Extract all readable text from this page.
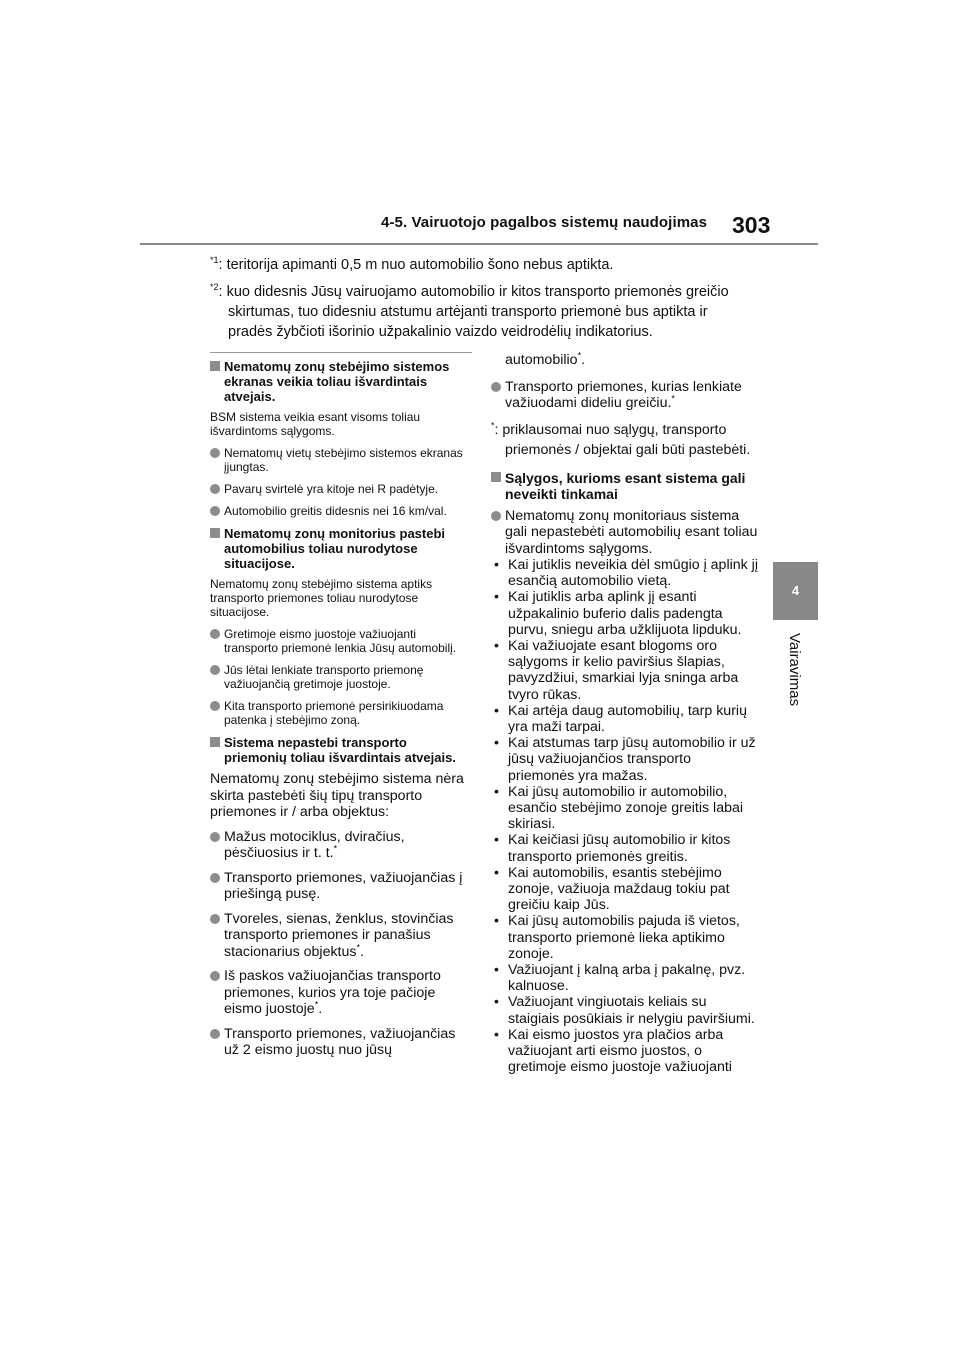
4-5. Vairuotojo pagalbos sistemų naudojimas 303
4
Vairavimas
$^{*1}$: teritorija apimanti 0,5 m nuo automobilio šono nebus aptikta.
$^{*2}$: kuo didesnis Jūsų vairuojamo automobilio ir kitos transporto priemonės greičio skirtumas, tuo didesniu atstumu artėjanti transporto priemonė bus aptikta ir pradės žybčioti išorinio užpakalinio vaizdo veidrodėlių indikatorius.
Nematomų zonų stebėjimo sistemos ekranas veikia toliau išvardintais atvejais.

BSM sistema veikia esant visoms toliau išvardintoms sąlygoms.

Nematomų vietų stebėjimo sistemos ekranas įjungtas.
Pavarų svirtelė yra kitoje nei R padėtyje.
Automobilio greitis didesnis nei 16 km/val.
Nematomų zonų monitorius pastebi automobilius toliau nurodytose situacijose.

Nematomų zonų stebėjimo sistema aptiks transporto priemones toliau nurodytose situacijose.

Gretimoje eismo juostoje važiuojanti transporto priemonė lenkia Jūsų automobilį.
Jūs lėtai lenkiate transporto priemonę važiuojančią gretimoje juostoje.
Kita transporto priemonė persirikiuodama patenka į stebėjimo zoną.
Sistema nepastebi transporto priemonių toliau išvardintais atvejais.

Nematomų zonų stebėjimo sistema nėra skirta pastebėti šių tipų transporto priemones ir / arba objektus:

Mažus motociklus, dviračius, pėsčiuosius ir t. t.*
Transporto priemones, važiuojančias į priešingą pusę.
Tvoreles, sienas, ženklus, stovinčias transporto priemones ir panašius stacionarius objektus*.
Iš paskos važiuojančias transporto priemones, kurios yra toje pačioje eismo juostoje*.
Transporto priemones, važiuojančias už 2 eismo juostų nuo jūsų
automobilio*.
Transporto priemones, kurias lenkiate važiuodami dideliu greičiu.*
*: priklausomai nuo sąlygų, transporto priemonės / objektai gali būti pastebėti.
Sąlygos, kurioms esant sistema gali neveikti tinkamai
Nematomų zonų monitoriaus sistema gali nepastebėti automobilių esant toliau išvardintoms sąlygoms.
• Kai jutiklis neveikia dėl smūgio į aplink jį esančią automobilio vietą.
• Kai jutiklis arba aplink jį esanti užpakalinio buferio dalis padengta purvu, sniegu arba užklijuota lipduku.
• Kai važiuojate esant blogoms oro sąlygoms ir kelio paviršius šlapias, pavyzdžiui, smarkiai lyja sninga arba tvyro rūkas.
• Kai artėja daug automobilių, tarp kurių yra maži tarpai.
• Kai atstumas tarp jūsų automobilio ir už jūsų važiuojančios transporto priemonės yra mažas.
• Kai jūsų automobilio ir automobilio, esančio stebėjimo zonoje greitis labai skiriasi.
• Kai keičiasi jūsų automobilio ir kitos transporto priemonės greitis.
• Kai automobilis, esantis stebėjimo zonoje, važiuoja maždaug tokiu pat greičiu kaip Jūs.
• Kai jūsų automobilis pajuda iš vietos, transporto priemonė lieka aptikimo zonoje.
• Važiuojant į kalną arba į pakalnę, pvz. kalnuose.
• Važiuojant vingiuotais keliais su staigiais posūkiais ir nelygiu paviršiumi.
• Kai eismo juostos yra plačios arba važiuojant arti eismo juostos, o gretimoje eismo juostoje važiuojanti
